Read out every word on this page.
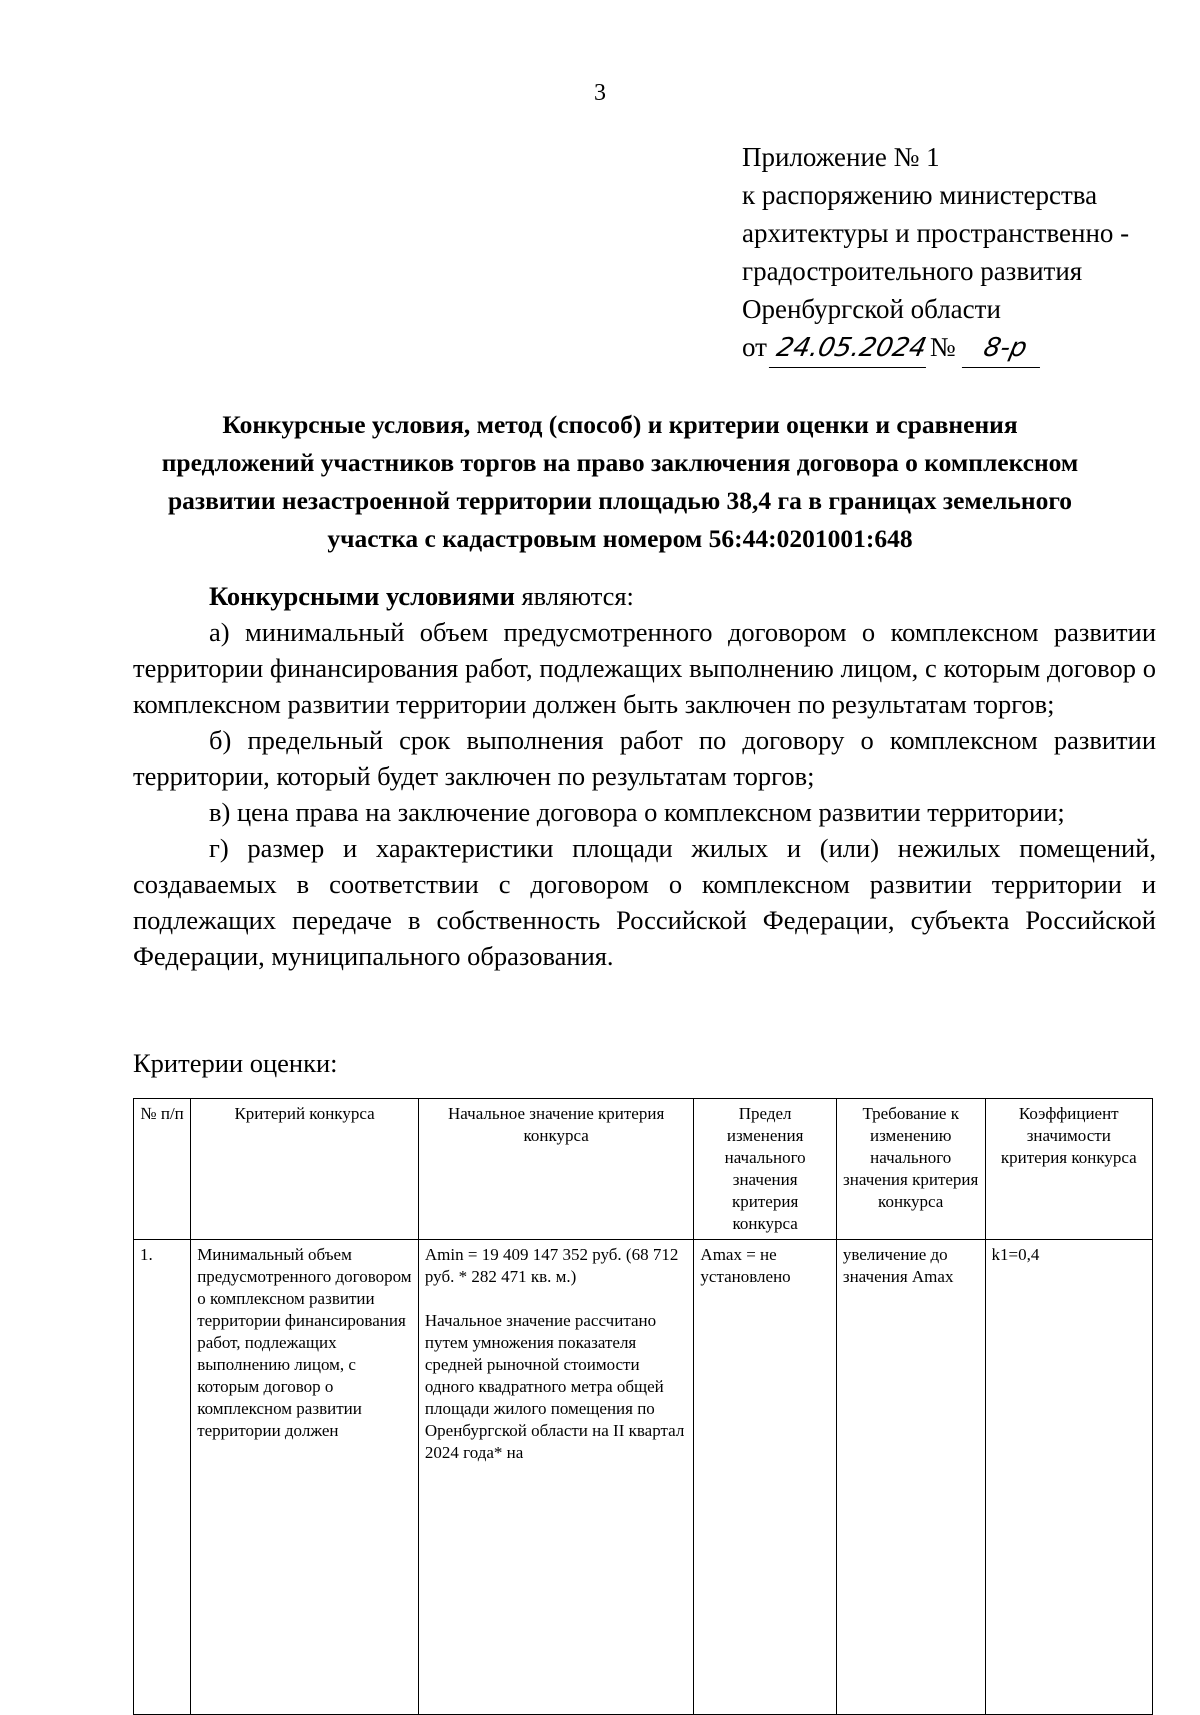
3
Приложение № 1
к распоряжению министерства
архитектуры и пространственно -
градостроительного развития
Оренбургской области
от 24.05.2024№ 8-р
Конкурсные условия, метод (способ) и критерии оценки и сравнения предложений участников торгов на право заключения договора о комплексном развитии незастроенной территории площадью 38,4 га в границах земельного участка с кадастровым номером 56:44:0201001:648

Конкурсными условиями являются:

а) минимальный объем предусмотренного договором о комплексном развитии территории финансирования работ, подлежащих выполнению лицом, с которым договор о комплексном развитии территории должен быть заключен по результатам торгов;

б) предельный срок выполнения работ по договору о комплексном развитии территории, который будет заключен по результатам торгов;

в) цена права на заключение договора о комплексном развитии территории;

г) размер и характеристики площади жилых и (или) нежилых помещений, создаваемых в соответствии с договором о комплексном развитии территории и подлежащих передаче в собственность Российской Федерации, субъекта Российской Федерации, муниципального образования.

Критерии оценки:
№ п/п	Критерий конкурса	Начальное значение критерия конкурса	Предел изменения начального значения критерия конкурса	Требование к изменению начального значения критерия конкурса	Коэффициент значимости критерия конкурса

1.	Минимальный объем предусмотренного договором о комплексном развитии территории финансирования работ, подлежащих выполнению лицом, с которым договор о комплексном развитии территории должен	Amin = 19 409 147 352 руб. (68 712 руб. * 282 471 кв. м.)
Начальное значение рассчитано путем умножения показателя средней рыночной стоимости одного квадратного метра общей площади жилого помещения по Оренбургской области на II квартал 2024 года* на	Amax = не установлено	увеличение до значения Amax	k1=0,4
